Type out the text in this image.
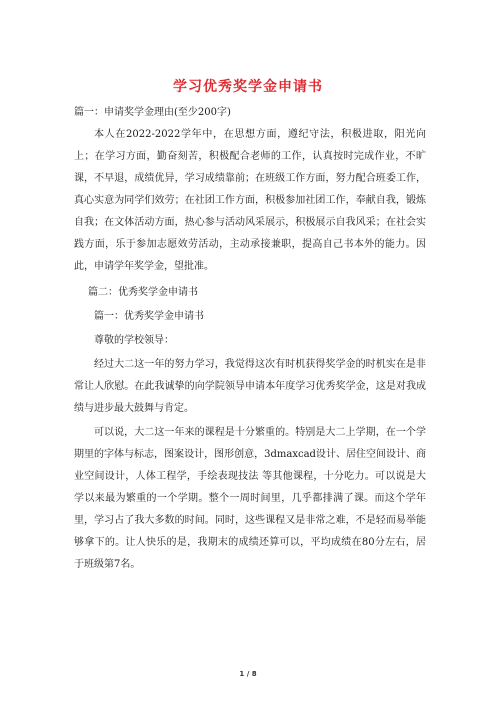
学习优秀奖学金申请书

篇一：申请奖学金理由(至少200字)

本人在2022-2022学年中，在思想方面，遵纪守法，积极进取，阳光向上；在学习方面，勤奋刻苦，积极配合老师的工作，认真按时完成作业，不旷课，不早退，成绩优异，学习成绩靠前；在班级工作方面，努力配合班委工作，真心实意为同学们效劳；在社团工作方面，积极参加社团工作，奉献自我，锻炼自我；在文体活动方面，热心参与活动风采展示，积极展示自我风采；在社会实践方面，乐于参加志愿效劳活动，主动承接兼职，提高自己书本外的能力。因此，申请学年奖学金，望批准。

篇二：优秀奖学金申请书

篇一：优秀奖学金申请书

尊敬的学校领导：

经过大二这一年的努力学习，我觉得这次有时机获得奖学金的时机实在是非常让人欣慰。在此我诚挚的向学院领导申请本年度学习优秀奖学金，这是对我成绩与进步最大鼓舞与肯定。

可以说，大二这一年来的课程是十分繁重的。特别是大二上学期，在一个学期里的字体与标志，图案设计，图形创意，3dmaxcad设计、居住空间设计、商业空间设计，人体工程学，手绘表现技法 等其他课程，十分吃力。可以说是大学以来最为繁重的一个学期。整个一周时间里，几乎都排满了课。而这个学年里，学习占了我大多数的时间。同时，这些课程又是非常之难，不是轻而易举能够拿下的。让人快乐的是，我期末的成绩还算可以，平均成绩在80分左右，居于班级第7名。

1 / 8
